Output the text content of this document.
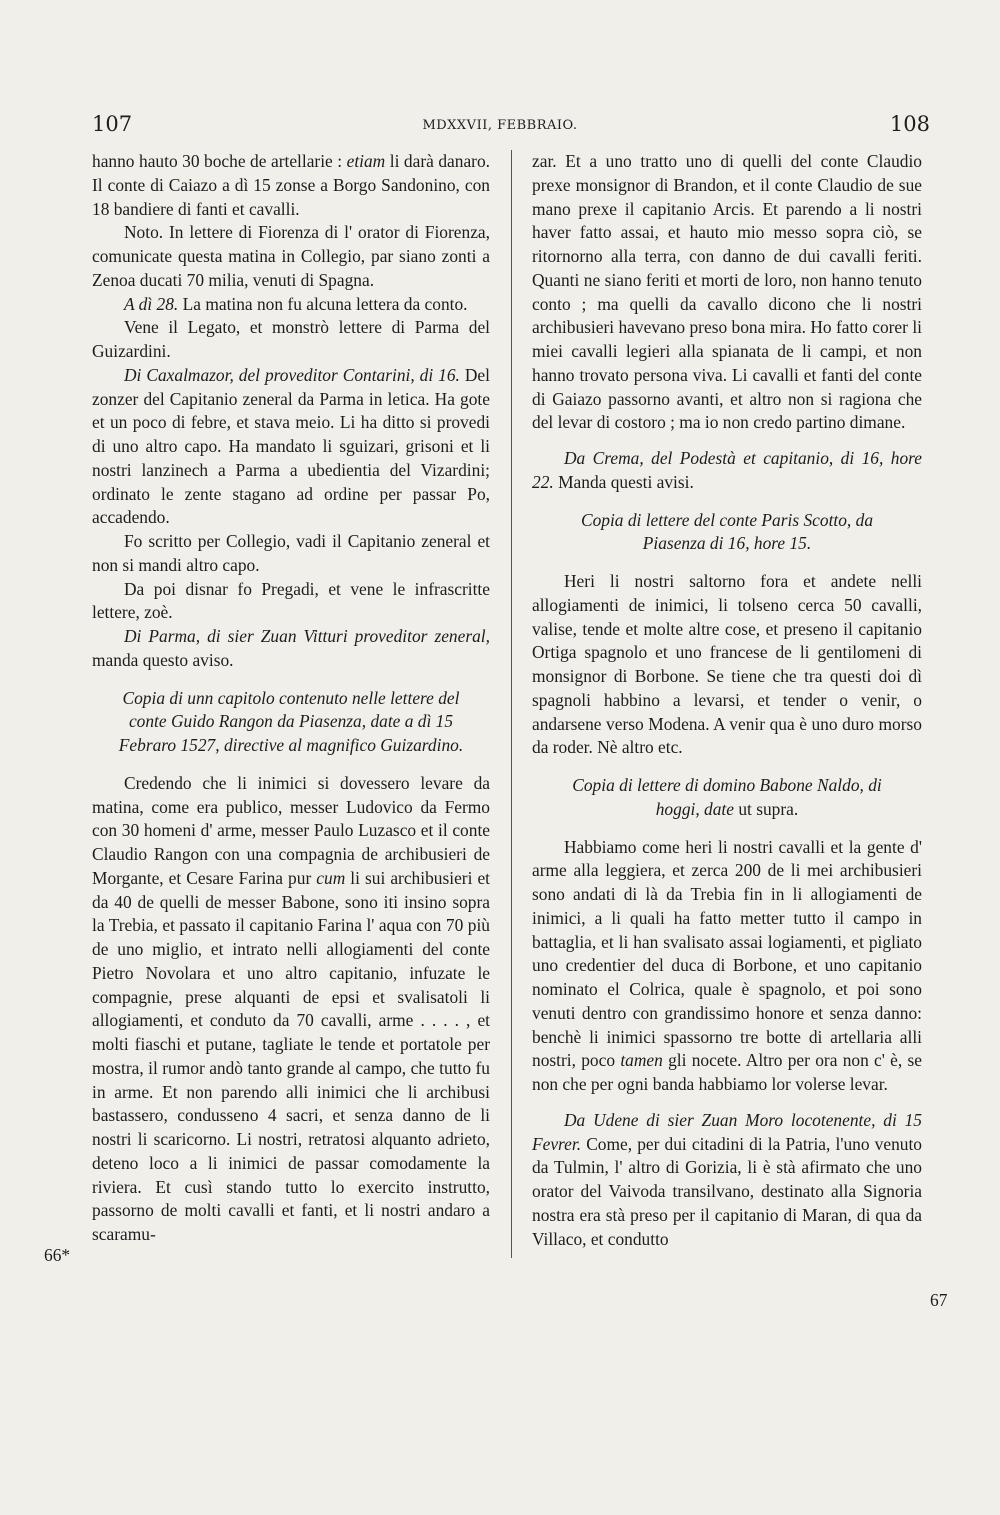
107	MDXXVII, FEBBRAIO.	108

hanno hauto 30 boche de artellarie : etiam li darà danaro. Il conte di Caiazo a dì 15 zonse a Borgo Sandonino, con 18 bandiere di fanti et cavalli.

Noto. In lettere di Fiorenza di l' orator di Fiorenza, comunicate questa matina in Collegio, par siano zonti a Zenoa ducati 70 milia, venuti di Spagna.

A dì 28. La matina non fu alcuna lettera da conto.

Vene il Legato, et monstrò lettere di Parma del Guizardini.

Di Caxalmazor, del proveditor Contarini, di 16. Del zonzer del Capitanio zeneral da Parma in letica. Ha gote et un poco di febre, et stava meio. Li ha ditto si provedi di uno altro capo. Ha mandato li sguizari, grisoni et li nostri lanzinech a Parma a ubedientia del Vizardini; ordinato le zente stagano ad ordine per passar Po, accadendo.

Fo scritto per Collegio, vadi il Capitanio zeneral et non si mandi altro capo.

Da poi disnar fo Pregadi, et vene le infrascritte lettere, zoè.

Di Parma, di sier Zuan Vitturi proveditor zeneral, manda questo aviso.

Copia di unn capitolo contenuto nelle lettere del conte Guido Rangon da Piasenza, date a dì 15 Febraro 1527, directive al magnifico Guizardino.

Credendo che li inimici si dovessero levare da matina, come era publico, messer Ludovico da Fermo con 30 homeni d' arme, messer Paulo Luzasco et il conte Claudio Rangon con una compagnia de archibusieri de Morgante, et Cesare Farina pur cum li sui archibusieri et da 40 de quelli de messer Babone, sono iti insino sopra la Trebia, et passato il capitanio Farina l' aqua con 70 più de uno miglio, et intrato nelli allogiamenti del conte Pietro Novolara et uno altro capitanio, infuzate le compagnie, prese alquanti de epsi et svalisatoli li allogiamenti, et conduto da 70 cavalli, arme . . . . , et molti fiaschi et putane, tagliate le tende et portatole per mostra, il rumor andò tanto grande al campo, che tutto fu in arme. Et non parendo alli inimici che li archibusi bastassero, condusseno 4 sacri, et senza danno de li nostri li scaricorno. Li nostri, retratosi alquanto adrieto, deteno loco a li inimici de passar comodamente la riviera. Et cusì stando tutto lo exercito instrutto, passorno de molti cavalli et fanti, et li nostri andaro a scaramu-

zar. Et a uno tratto uno di quelli del conte Claudio prexe monsignor di Brandon, et il conte Claudio de sue mano prexe il capitanio Arcis. Et parendo a li nostri haver fatto assai, et hauto mio messo sopra ciò, se ritornorno alla terra, con danno de dui cavalli feriti. Quanti ne siano feriti et morti de loro, non hanno tenuto conto ; ma quelli da cavallo dicono che li nostri archibusieri havevano preso bona mira. Ho fatto corer li miei cavalli legieri alla spianata de li campi, et non hanno trovato persona viva. Li cavalli et fanti del conte di Gaiazo passorno avanti, et altro non si ragiona che del levar di costoro ; ma io non credo partino dimane.

Da Crema, del Podestà et capitanio, di 16, hore 22. Manda questi avisi.

Copia di lettere del conte Paris Scotto, da Piasenza di 16, hore 15.

Heri li nostri saltorno fora et andete nelli allogiamenti de inimici, li tolseno cerca 50 cavalli, valise, tende et molte altre cose, et preseno il capitanio Ortiga spagnolo et uno francese de li gentilomeni di monsignor di Borbone. Se tiene che tra questi doi dì spagnoli habbino a levarsi, et tender o venir, o andarsene verso Modena. A venir qua è uno duro morso da roder. Nè altro etc.

Copia di lettere di domino Babone Naldo, di hoggi, date ut supra.

Habbiamo come heri li nostri cavalli et la gente d' arme alla leggiera, et zerca 200 de li mei archibusieri sono andati di là da Trebia fin in li allogiamenti de inimici, a li quali ha fatto metter tutto il campo in battaglia, et li han svalisato assai logiamenti, et pigliato uno credentier del duca di Borbone, et uno capitanio nominato el Colrica, quale è spagnolo, et poi sono venuti dentro con grandissimo honore et senza danno: benchè li inimici spassorno tre botte di artellaria alli nostri, poco tamen gli nocete. Altro per ora non c' è, se non che per ogni banda habbiamo lor volerse levar.

Da Udene di sier Zuan Moro locotenente, di 15 Fevrer. Come, per dui citadini di la Patria, l'uno venuto da Tulmin, l' altro di Gorizia, li è stà afirmato che uno orator del Vaivoda transilvano, destinato alla Signoria nostra era stà preso per il capitanio di Maran, di qua da Villaco, et condutto

66*
67
